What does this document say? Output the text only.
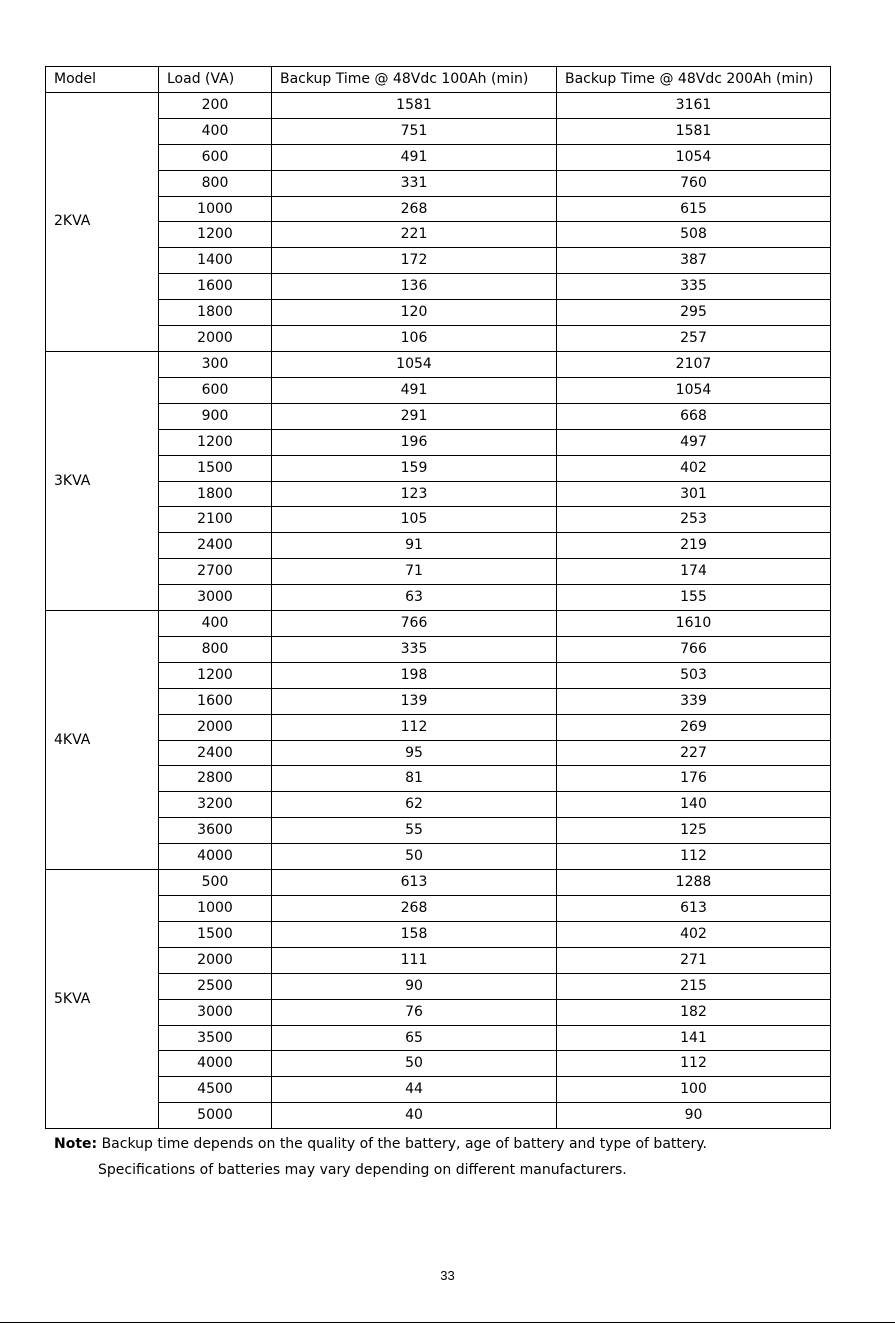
Model	Load (VA)	Backup Time @ 48Vdc 100Ah (min)	Backup Time @ 48Vdc 200Ah (min)
2KVA	200	1581	3161
	400	751	1581
	600	491	1054
	800	331	760
	1000	268	615
	1200	221	508
	1400	172	387
	1600	136	335
	1800	120	295
	2000	106	257
3KVA	300	1054	2107
	600	491	1054
	900	291	668
	1200	196	497
	1500	159	402
	1800	123	301
	2100	105	253
	2400	91	219
	2700	71	174
	3000	63	155
4KVA	400	766	1610
	800	335	766
	1200	198	503
	1600	139	339
	2000	112	269
	2400	95	227
	2800	81	176
	3200	62	140
	3600	55	125
	4000	50	112
5KVA	500	613	1288
	1000	268	613
	1500	158	402
	2000	111	271
	2500	90	215
	3000	76	182
	3500	65	141
	4000	50	112
	4500	44	100
	5000	40	90
Note: Backup time depends on the quality of the battery, age of battery and type of battery.
Specifications of batteries may vary depending on different manufacturers.
33
